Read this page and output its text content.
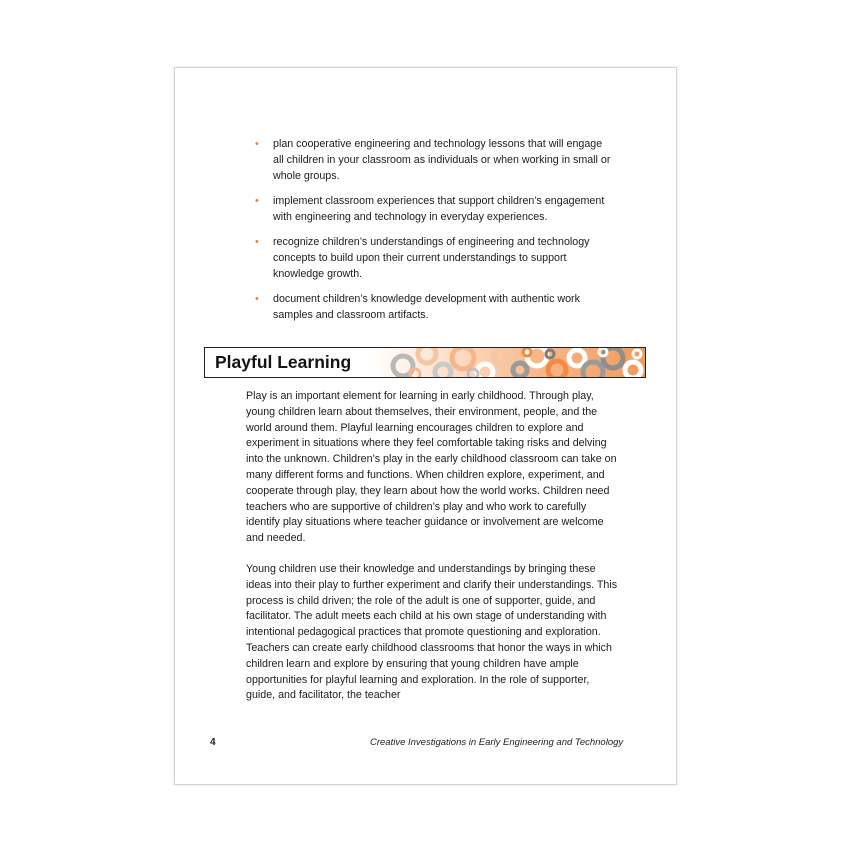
• plan cooperative engineering and technology lessons that will engage all children in your classroom as individuals or when working in small or whole groups.
• implement classroom experiences that support children’s engagement with engineering and technology in everyday experiences.
• recognize children’s understandings of engineering and technology concepts to build upon their current understandings to support knowledge growth.
• document children’s knowledge development with authentic work samples and classroom artifacts.
Playful Learning

Play is an important element for learning in early childhood. Through play, young children learn about themselves, their environment, people, and the world around them. Playful learning encourages children to explore and experiment in situations where they feel comfortable taking risks and delving into the unknown. Children’s play in the early childhood classroom can take on many different forms and functions. When children explore, experiment, and cooperate through play, they learn about how the world works. Children need teachers who are supportive of children’s play and who work to carefully identify play situations where teacher guidance or involvement are welcome and needed.

Young children use their knowledge and understandings by bringing these ideas into their play to further experiment and clarify their understandings. This process is child driven; the role of the adult is one of supporter, guide, and facilitator. The adult meets each child at his own stage of understanding with intentional pedagogical practices that promote questioning and exploration. Teachers can create early childhood classrooms that honor the ways in which children learn and explore by ensuring that young children have ample opportunities for playful learning and exploration. In the role of supporter, guide, and facilitator, the teacher

4	Creative Investigations in Early Engineering and Technology
